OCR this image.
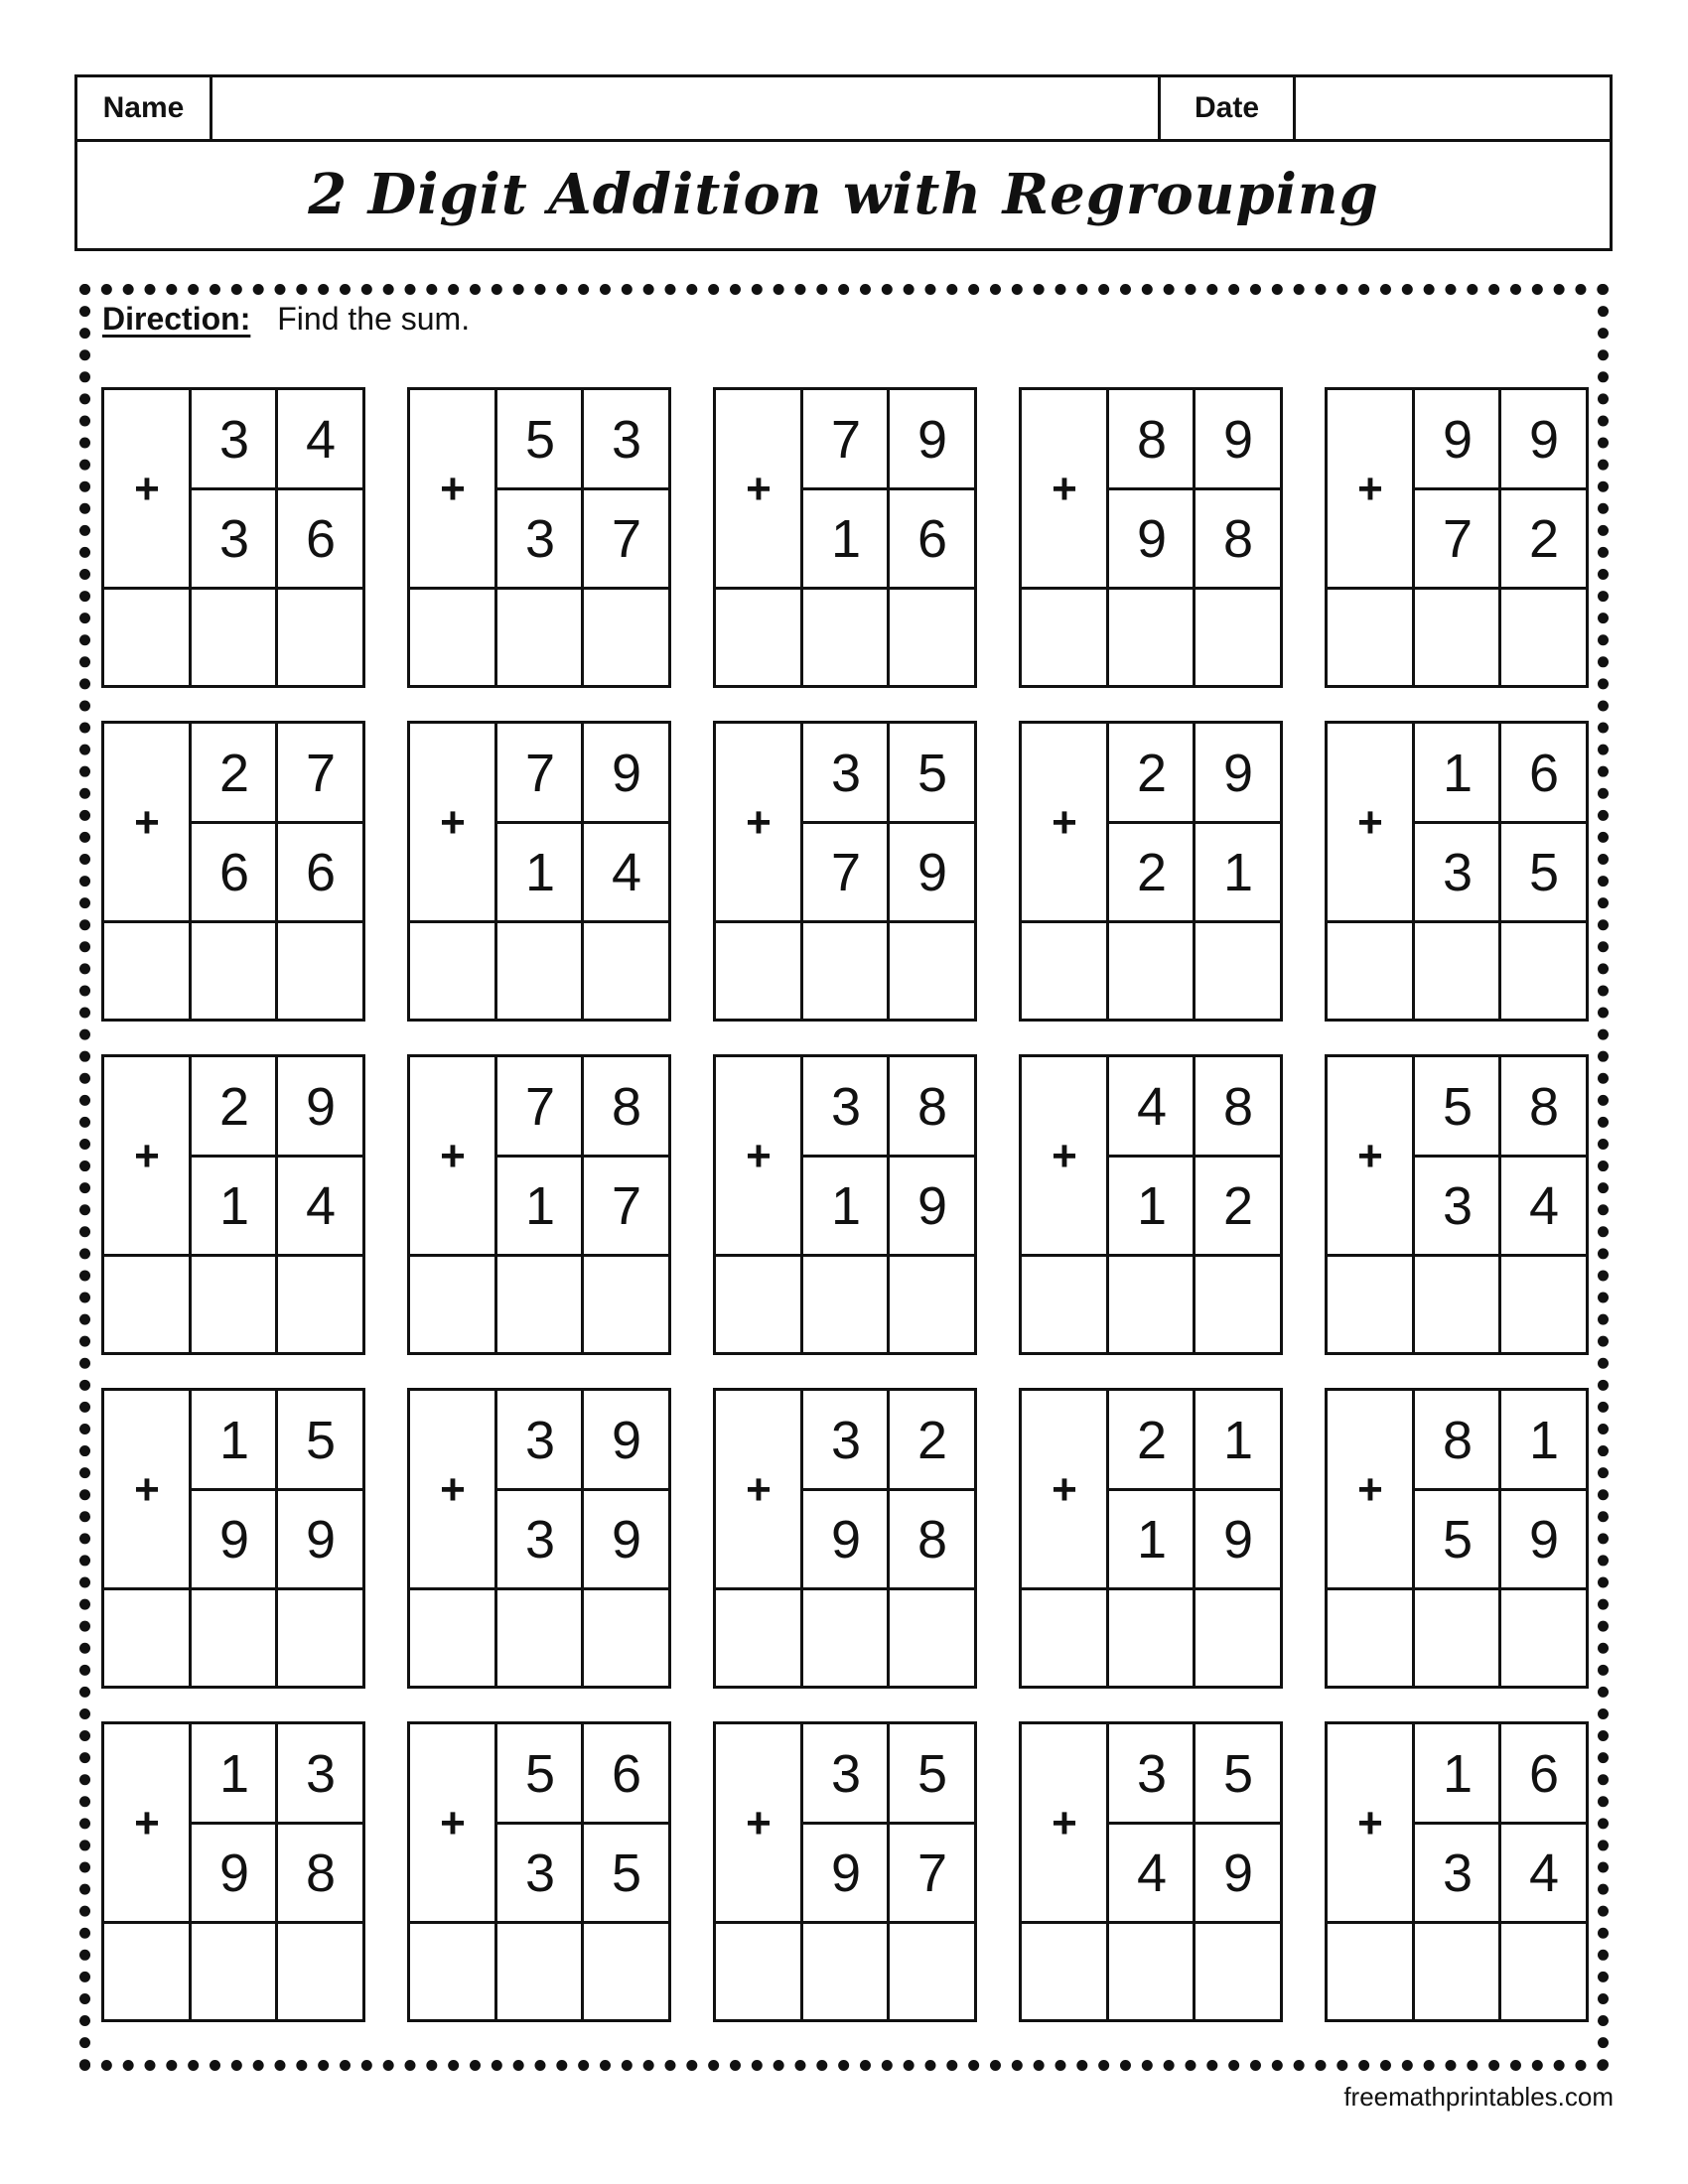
Name	Date
2 Digit Addition with Regrouping
Direction: Find the sum.
+
3	4
3	6
+
5	3
3	7
+
7	9
1	6
+
8	9
9	8
+
9	9
7	2
+
2	7
6	6
+
7	9
1	4
+
3	5
7	9
+
2	9
2	1
+
1	6
3	5
+
2	9
1	4
+
7	8
1	7
+
3	8
1	9
+
4	8
1	2
+
5	8
3	4
+
1	5
9	9
+
3	9
3	9
+
3	2
9	8
+
2	1
1	9
+
8	1
5	9
+
1	3
9	8
+
5	6
3	5
+
3	5
9	7
+
3	5
4	9
+
1	6
3	4
freemathprintables.com
